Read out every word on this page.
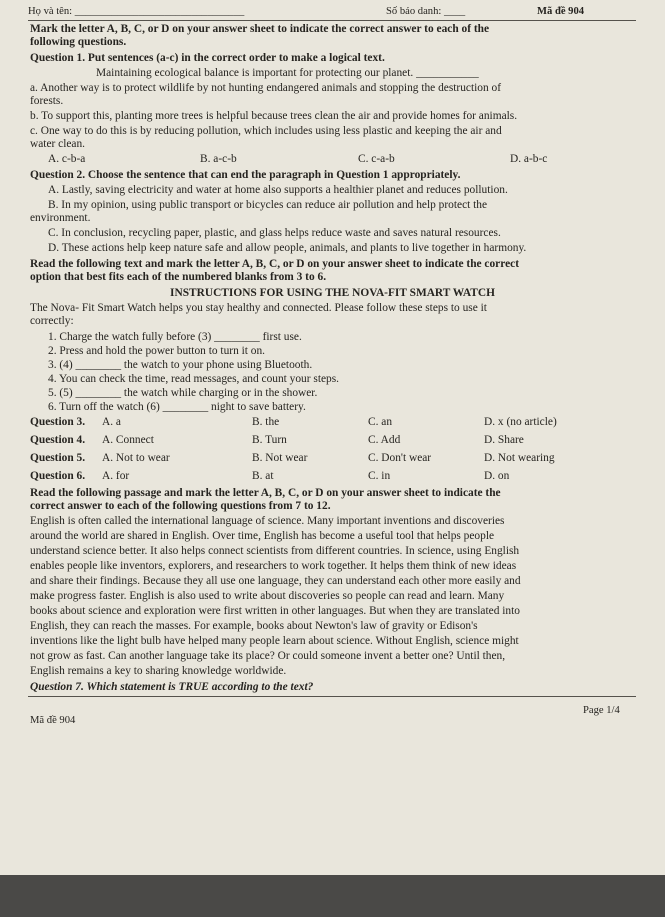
Họ và tên: ________________________________	Số báo danh: ____	Mã đề 904
Mark the letter A, B, C, or D on your answer sheet to indicate the correct answer to each of the
following questions.
Question 1. Put sentences (a-c) in the correct order to make a logical text.
Maintaining ecological balance is important for protecting our planet. ___________
a. Another way is to protect wildlife by not hunting endangered animals and stopping the destruction of
forests.
b. To support this, planting more trees is helpful because trees clean the air and provide homes for animals.
c. One way to do this is by reducing pollution, which includes using less plastic and keeping the air and
water clean.
A. c-b-a	B. a-c-b	C. c-a-b	D. a-b-c
Question 2. Choose the sentence that can end the paragraph in Question 1 appropriately.
A. Lastly, saving electricity and water at home also supports a healthier planet and reduces pollution.
B. In my opinion, using public transport or bicycles can reduce air pollution and help protect the
environment.
C. In conclusion, recycling paper, plastic, and glass helps reduce waste and saves natural resources.
D. These actions help keep nature safe and allow people, animals, and plants to live together in harmony.
Read the following text and mark the letter A, B, C, or D on your answer sheet to indicate the correct
option that best fits each of the numbered blanks from 3 to 6.
INSTRUCTIONS FOR USING THE NOVA-FIT SMART WATCH
The Nova- Fit Smart Watch helps you stay healthy and connected. Please follow these steps to use it
correctly:
1. Charge the watch fully before (3) ________ first use.
2. Press and hold the power button to turn it on.
3. (4) ________ the watch to your phone using Bluetooth.
4. You can check the time, read messages, and count your steps.
5. (5) ________ the watch while charging or in the shower.
6. Turn off the watch (6) ________ night to save battery.
Question 3. A. a	B. the	C. an	D. x (no article)
Question 4. A. Connect	B. Turn	C. Add	D. Share
Question 5. A. Not to wear	B. Not wear	C. Don't wear	D. Not wearing
Question 6. A. for	B. at	C. in	D. on
Read the following passage and mark the letter A, B, C, or D on your answer sheet to indicate the
correct answer to each of the following questions from 7 to 12.
English is often called the international language of science. Many important inventions and discoveries
around the world are shared in English. Over time, English has become a useful tool that helps people
understand science better. It also helps connect scientists from different countries. In science, using English
enables people like inventors, explorers, and researchers to work together. It helps them think of new ideas
and share their findings. Because they all use one language, they can understand each other more easily and
make progress faster. English is also used to write about discoveries so people can read and learn. Many
books about science and exploration were first written in other languages. But when they are translated into
English, they can reach the masses. For example, books about Newton's law of gravity or Edison's
inventions like the light bulb have helped many people learn about science. Without English, science might
not grow as fast. Can another language take its place? Or could someone invent a better one? Until then,
English remains a key to sharing knowledge worldwide.
Question 7. Which statement is TRUE according to the text?
Page 1/4
Mã đề 904
